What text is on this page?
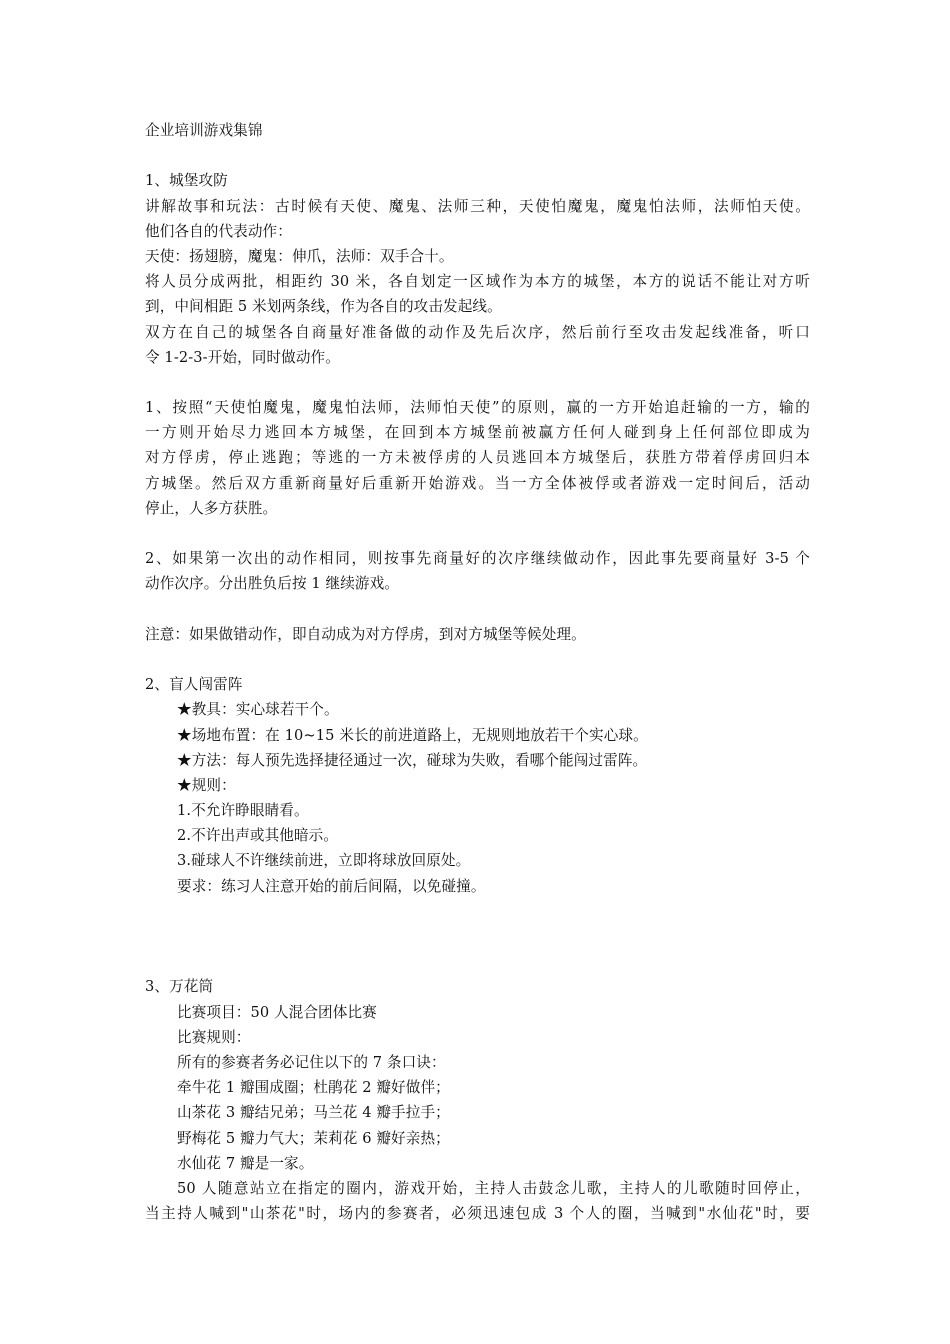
企业培训游戏集锦
1、城堡攻防
讲解故事和玩法：古时候有天使、魔鬼、法师三种，天使怕魔鬼，魔鬼怕法师，法师怕天使。
他们各自的代表动作：
天使：扬翅膀，魔鬼：伸爪，法师：双手合十。
将人员分成两批，相距约 30 米，各自划定一区域作为本方的城堡，本方的说话不能让对方听
到，中间相距 5 米划两条线，作为各自的攻击发起线。
双方在自己的城堡各自商量好准备做的动作及先后次序，然后前行至攻击发起线准备，听口
令 1-2-3-开始，同时做动作。
1、按照“天使怕魔鬼，魔鬼怕法师，法师怕天使”的原则，赢的一方开始追赶输的一方，输的
一方则开始尽力逃回本方城堡，在回到本方城堡前被赢方任何人碰到身上任何部位即成为
对方俘虏，停止逃跑；等逃的一方未被俘虏的人员逃回本方城堡后，获胜方带着俘虏回归本
方城堡。然后双方重新商量好后重新开始游戏。当一方全体被俘或者游戏一定时间后，活动
停止，人多方获胜。
2、如果第一次出的动作相同，则按事先商量好的次序继续做动作，因此事先要商量好 3-5 个
动作次序。分出胜负后按 1 继续游戏。
注意：如果做错动作，即自动成为对方俘虏，到对方城堡等候处理。
2、盲人闯雷阵
★教具：实心球若干个。
★场地布置：在 10~15 米长的前进道路上，无规则地放若干个实心球。
★方法：每人预先选择捷径通过一次，碰球为失败，看哪个能闯过雷阵。
★规则：
1.不允许睁眼睛看。
2.不许出声或其他暗示。
3.碰球人不许继续前进，立即将球放回原处。
要求：练习人注意开始的前后间隔，以免碰撞。
3、万花筒
比赛项目：50 人混合团体比赛
比赛规则：
所有的参赛者务必记住以下的 7 条口诀：
牵牛花 1 瓣围成圈；杜鹃花 2 瓣好做伴；
山茶花 3 瓣结兄弟；马兰花 4 瓣手拉手；
野梅花 5 瓣力气大；茉莉花 6 瓣好亲热；
水仙花 7 瓣是一家。
50 人随意站立在指定的圈内，游戏开始，主持人击鼓念儿歌，主持人的儿歌随时回停止，
当主持人喊到"山茶花"时，场内的参赛者，必须迅速包成 3 个人的圈，当喊到"水仙花"时，要
